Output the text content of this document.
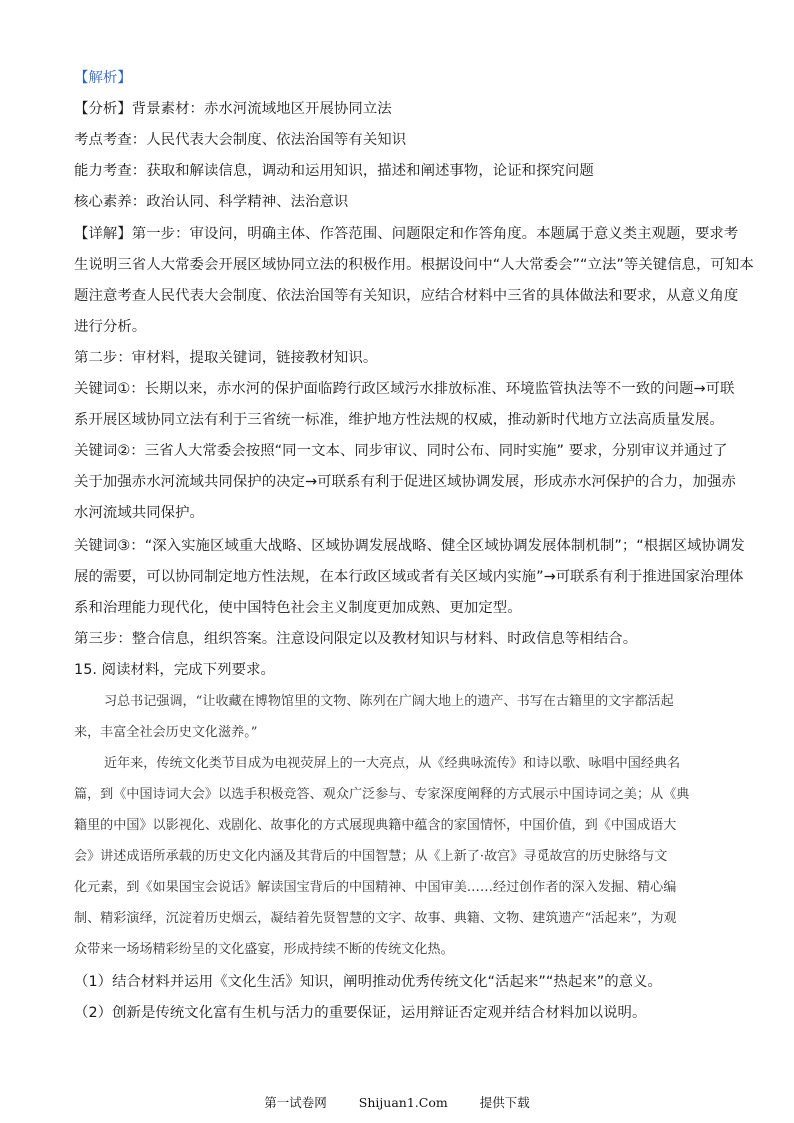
【解析】
【分析】背景素材：赤水河流域地区开展协同立法
考点考查：人民代表大会制度、依法治国等有关知识
能力考查：获取和解读信息，调动和运用知识，描述和阐述事物，论证和探究问题
核心素养：政治认同、科学精神、法治意识
【详解】第一步：审设问，明确主体、作答范围、问题限定和作答角度。本题属于意义类主观题，要求考
生说明三省人大常委会开展区域协同立法的积极作用。根据设问中“人大常委会”“立法”等关键信息，可知本
题注意考查人民代表大会制度、依法治国等有关知识，应结合材料中三省的具体做法和要求，从意义角度
进行分析。
第二步：审材料，提取关键词，链接教材知识。
关键词①：长期以来，赤水河的保护面临跨行政区域污水排放标准、环境监管执法等不一致的问题→可联
系开展区域协同立法有利于三省统一标准，维护地方性法规的权威，推动新时代地方立法高质量发展。
关键词②：三省人大常委会按照“同一文本、同步审议、同时公布、同时实施” 要求，分别审议并通过了
关于加强赤水河流域共同保护的决定→可联系有利于促进区域协调发展，形成赤水河保护的合力，加强赤
水河流域共同保护。
关键词③：“深入实施区域重大战略、区域协调发展战略、健全区域协调发展体制机制”；“根据区域协调发
展的需要，可以协同制定地方性法规，在本行政区域或者有关区域内实施”→可联系有利于推进国家治理体
系和治理能力现代化，使中国特色社会主义制度更加成熟、更加定型。
第三步：整合信息，组织答案。注意设问限定以及教材知识与材料、时政信息等相结合。
15. 阅读材料，完成下列要求。
习总书记强调，“让收藏在博物馆里的文物、陈列在广阔大地上的遗产、书写在古籍里的文字都活起
来，丰富全社会历史文化滋养。”
近年来，传统文化类节目成为电视荧屏上的一大亮点，从《经典咏流传》和诗以歌、咏唱中国经典名
篇，到《中国诗词大会》以选手积极竞答、观众广泛参与、专家深度阐释的方式展示中国诗词之美；从《典
籍里的中国》以影视化、戏剧化、故事化的方式展现典籍中蕴含的家国情怀，中国价值，到《中国成语大
会》讲述成语所承载的历史文化内涵及其背后的中国智慧；从《上新了·故宫》寻觅故宫的历史脉络与文
化元素，到《如果国宝会说话》解读国宝背后的中国精神、中国审美……经过创作者的深入发掘、精心编
制、精彩演绎，沉淀着历史烟云，凝结着先贤智慧的文字、故事、典籍、文物、建筑遗产“活起来”，为观
众带来一场场精彩纷呈的文化盛宴，形成持续不断的传统文化热。
（1）结合材料并运用《文化生活》知识，阐明推动优秀传统文化“活起来”“热起来”的意义。
（2）创新是传统文化富有生机与活力的重要保证，运用辩证否定观并结合材料加以说明。
第一试卷网	Shijuan1.Com	提供下载
